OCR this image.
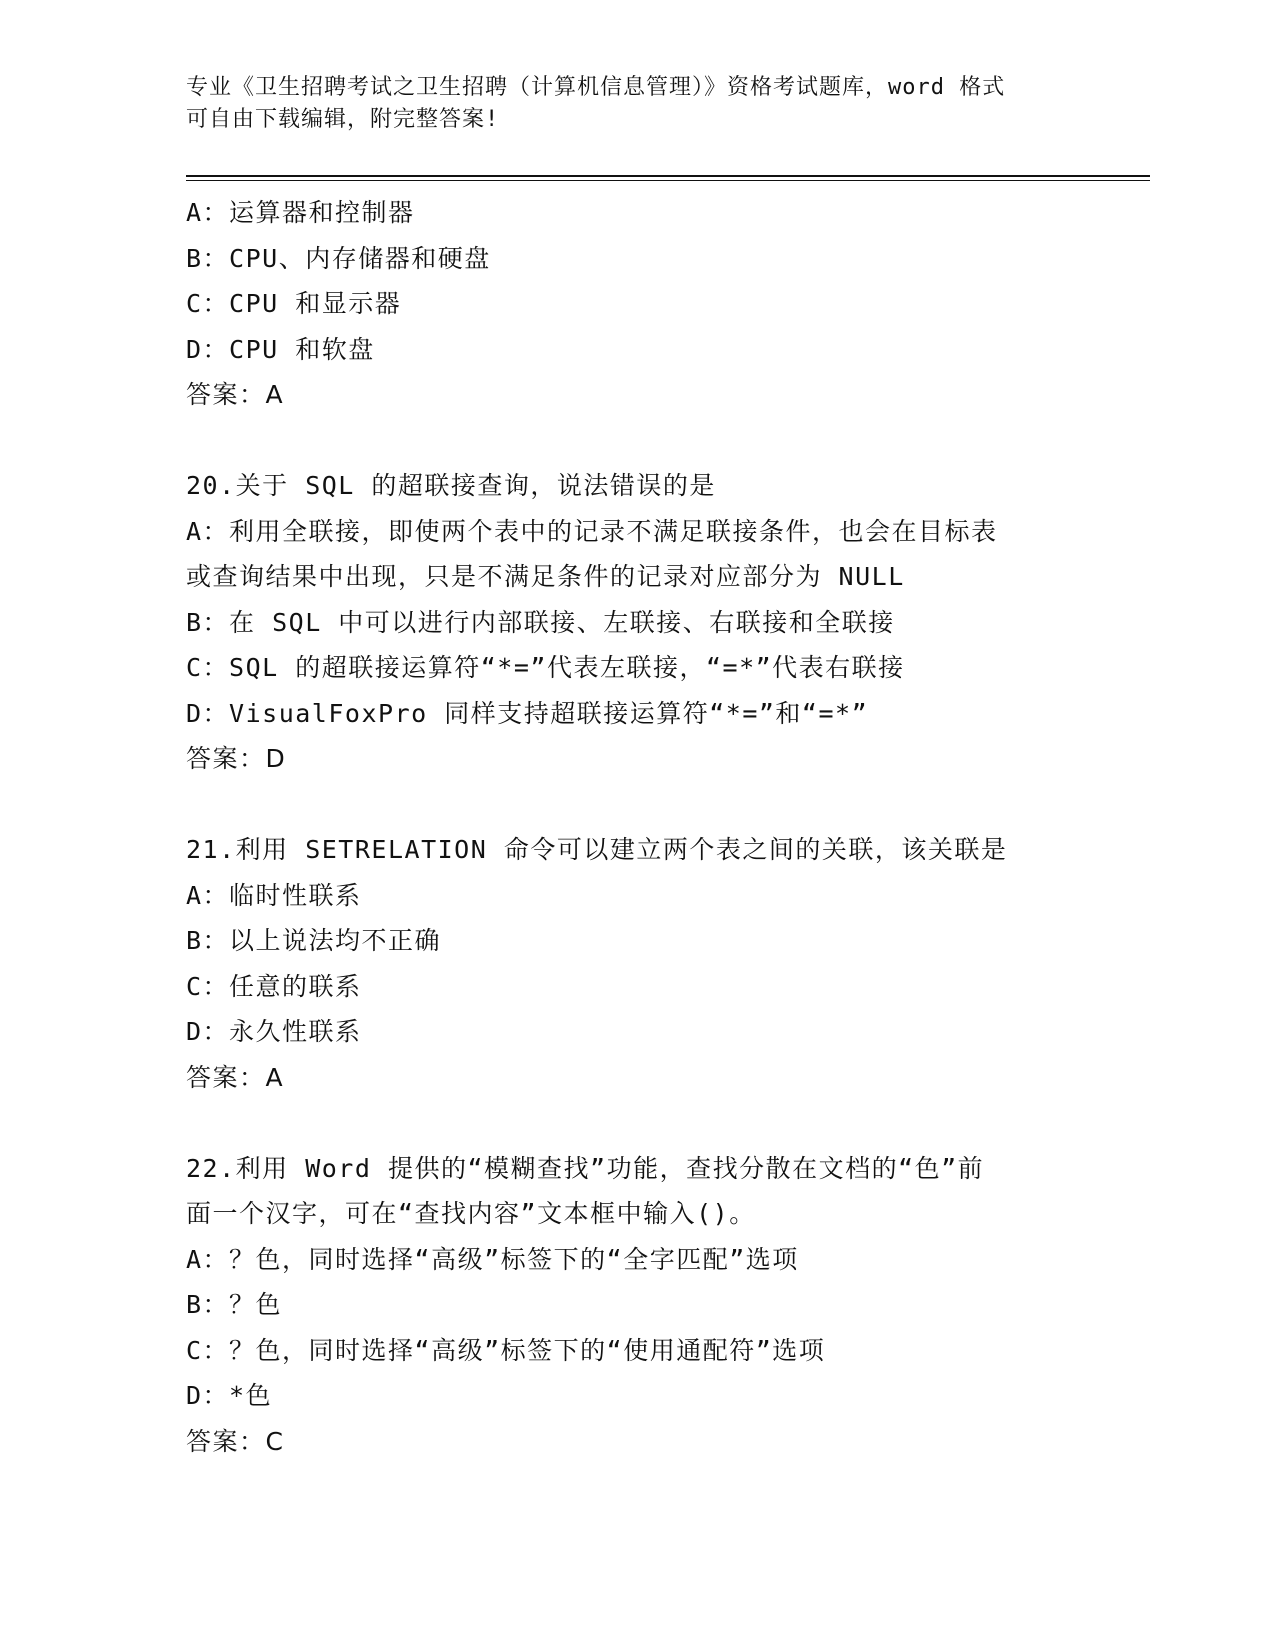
专业《卫生招聘考试之卫生招聘（计算机信息管理）》资格考试题库，word 格式
可自由下载编辑，附完整答案!
A：运算器和控制器
B：CPU、内存储器和硬盘
C：CPU 和显示器
D：CPU 和软盘
答案：A
20.关于 SQL 的超联接查询，说法错误的是
A：利用全联接，即使两个表中的记录不满足联接条件，也会在目标表
或查询结果中出现，只是不满足条件的记录对应部分为 NULL
B：在 SQL 中可以进行内部联接、左联接、右联接和全联接
C：SQL 的超联接运算符“*=”代表左联接，“=*”代表右联接
D：VisualFoxPro 同样支持超联接运算符“*=”和“=*”
答案：D
21.利用 SETRELATION 命令可以建立两个表之间的关联，该关联是
A：临时性联系
B：以上说法均不正确
C：任意的联系
D：永久性联系
答案：A
22.利用 Word 提供的“模糊查找”功能，查找分散在文档的“色”前
面一个汉字，可在“查找内容”文本框中输入()。
A：？色，同时选择“高级”标签下的“全字匹配”选项
B：？色
C：？色，同时选择“高级”标签下的“使用通配符”选项
D：*色
答案：C
